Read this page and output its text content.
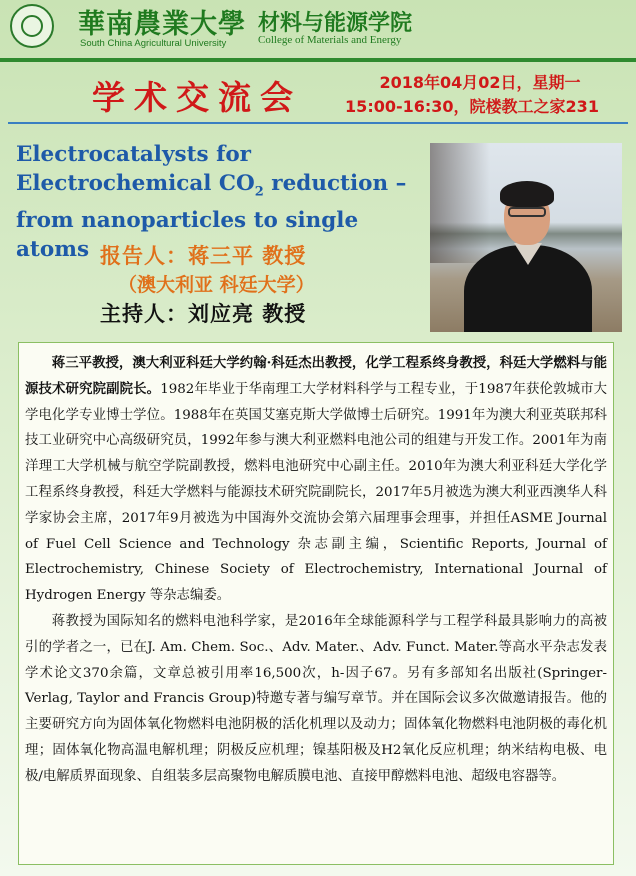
華南農業大學
South China Agricultural University
材料与能源学院
College of Materials and Energy
学术交流会	2018年04月02日，星期一
15:00-16:30，院楼教工之家231
Electrocatalysts for Electrochemical $CO_2$ reduction – from nanoparticles to single atoms 报告人：蒋三平 教授
（澳大利亚 科廷大学）
主持人：刘应亮 教授

蒋三平教授，澳大利亚科廷大学约翰·科廷杰出教授，化学工程系终身教授，科廷大学燃料与能源技术研究院副院长。1982年毕业于华南理工大学材料科学与工程专业，于1987年获伦敦城市大学电化学专业博士学位。1988年在英国艾塞克斯大学做博士后研究。1991年为澳大利亚英联邦科技工业研究中心高级研究员，1992年参与澳大利亚燃料电池公司的组建与开发工作。2001年为南洋理工大学机械与航空学院副教授，燃料电池研究中心副主任。2010年为澳大利亚科廷大学化学工程系终身教授，科廷大学燃料与能源技术研究院副院长，2017年5月被选为澳大利亚西澳华人科学家协会主席，2017年9月被选为中国海外交流协会第六届理事会理事，并担任ASME Journal of Fuel Cell Science and Technology 杂志副主编，Scientific Reports, Journal of Electrochemistry, Chinese Society of Electrochemistry, International Journal of Hydrogen Energy 等杂志编委。

蒋教授为国际知名的燃料电池科学家，是2016年全球能源科学与工程学科最具影响力的高被引的学者之一，已在J. Am. Chem. Soc.、Adv. Mater.、Adv. Funct. Mater.等高水平杂志发表学术论文370余篇，文章总被引用率16,500次，h-因子67。另有多部知名出版社(Springer-Verlag, Taylor and Francis Group)特邀专著与编写章节。并在国际会议多次做邀请报告。他的主要研究方向为固体氧化物燃料电池阴极的活化机理以及动力；固体氧化物燃料电池阴极的毒化机理；固体氧化物高温电解机理；阴极反应机理；镍基阳极及H2氧化反应机理；纳米结构电极、电极/电解质界面现象、自组装多层高聚物电解质膜电池、直接甲醇燃料电池、超级电容器等。
